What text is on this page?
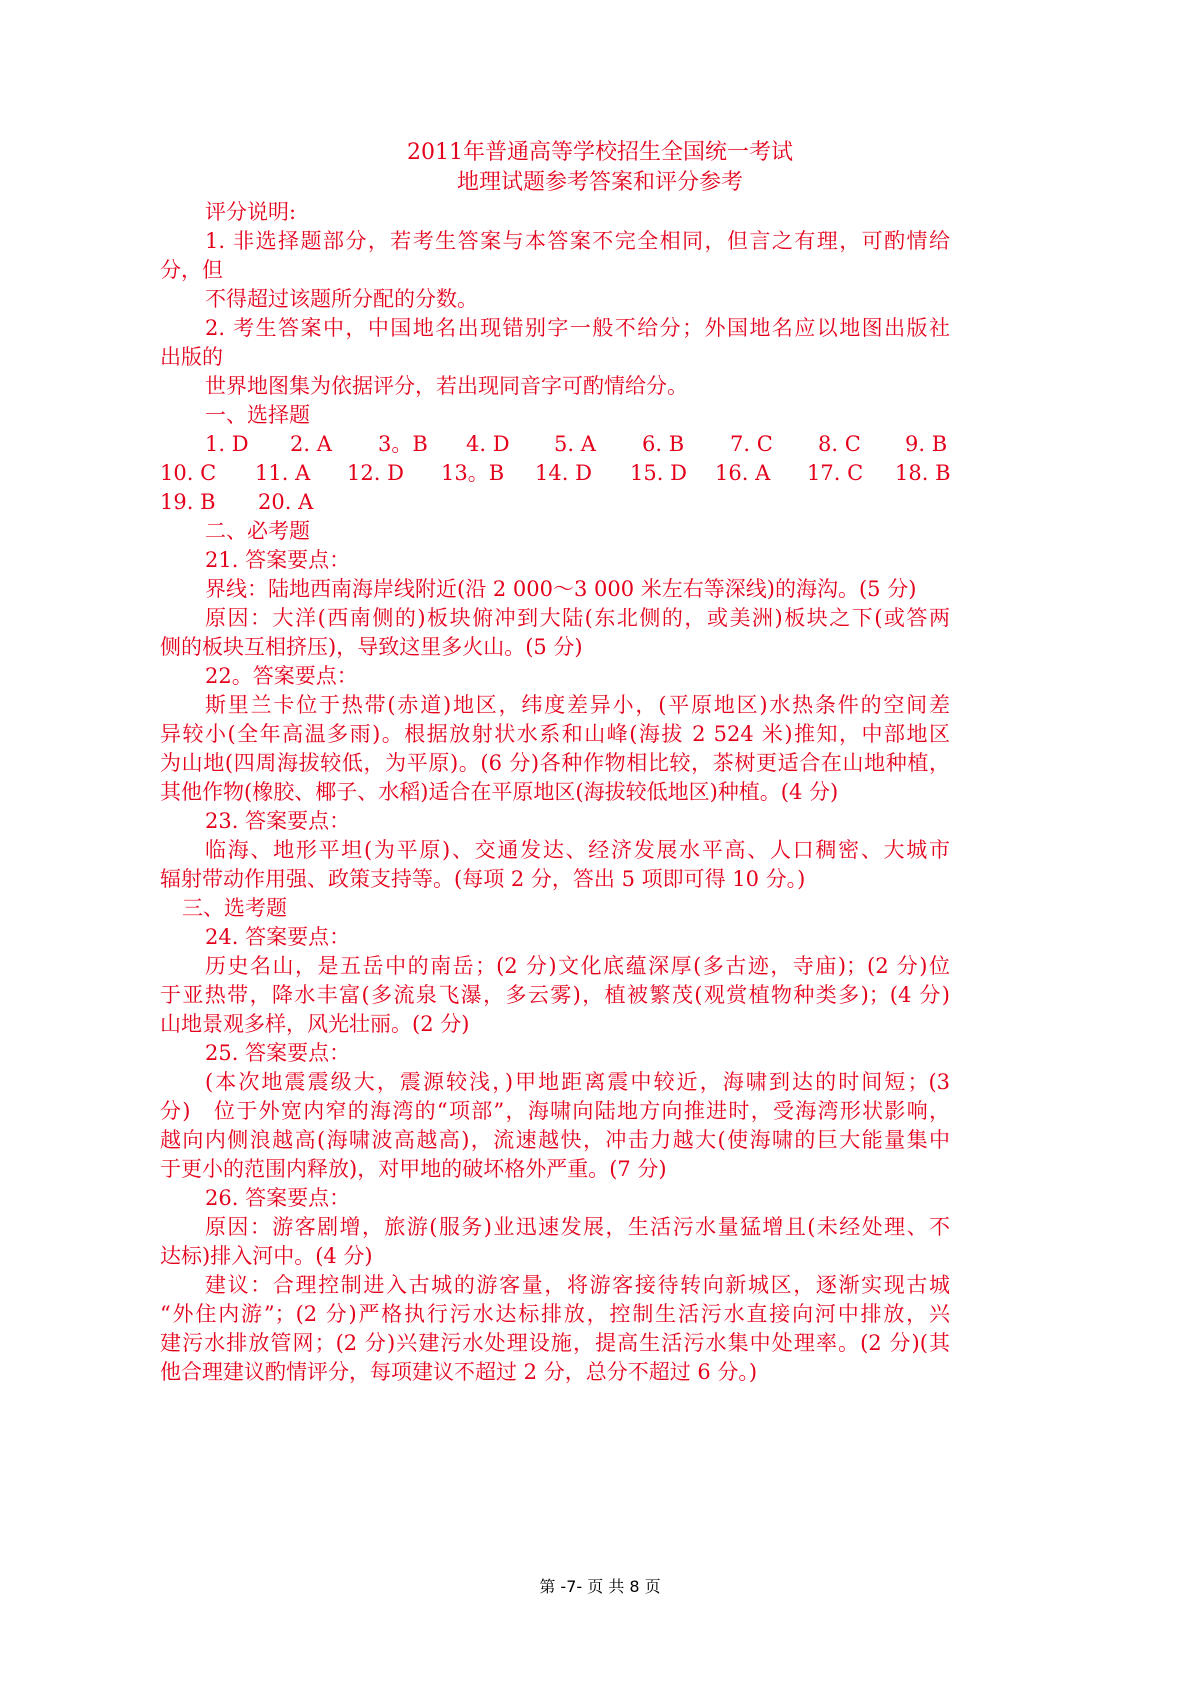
2011年普通高等学校招生全国统一考试
地理试题参考答案和评分参考
评分说明:
1. 非选择题部分，若考生答案与本答案不完全相同，但言之有理，可酌情给
分，但
不得超过该题所分配的分数。
2. 考生答案中，中国地名出现错别字一般不给分；外国地名应以地图出版社
出版的
世界地图集为依据评分，若出现同音字可酌情给分。
一、选择题
1. D 2. A 3。B 4. D 5. A 6. B 7. C 8. C 9. B
10. C 11. A 12. D 13。B 14. D 15. D 16. A 17. C 18. B
19. B 20. A
二、必考题
21. 答案要点：
界线：陆地西南海岸线附近(沿 2 000～3 000 米左右等深线)的海沟。(5 分)
原因：大洋(西南侧的)板块俯冲到大陆(东北侧的，或美洲)板块之下(或答两
侧的板块互相挤压)，导致这里多火山。(5 分)
22。答案要点：
斯里兰卡位于热带(赤道)地区，纬度差异小，(平原地区)水热条件的空间差
异较小(全年高温多雨)。根据放射状水系和山峰(海拔 2 524 米)推知，中部地区
为山地(四周海拔较低，为平原)。(6 分)各种作物相比较，茶树更适合在山地种植，
其他作物(橡胶、椰子、水稻)适合在平原地区(海拔较低地区)种植。(4 分)
23. 答案要点：
临海、地形平坦(为平原)、交通发达、经济发展水平高、人口稠密、大城市
辐射带动作用强、政策支持等。(每项 2 分，答出 5 项即可得 10 分。)
三、选考题
24. 答案要点：
历史名山，是五岳中的南岳；(2 分)文化底蕴深厚(多古迹，寺庙)；(2 分)位
于亚热带，降水丰富(多流泉飞瀑，多云雾)，植被繁茂(观赏植物种类多)；(4 分)
山地景观多样，风光壮丽。(2 分)
25. 答案要点：
(本次地震震级大，震源较浅，)甲地距离震中较近，海啸到达的时间短；(3
分)　位于外宽内窄的海湾的“项部”，海啸向陆地方向推进时，受海湾形状影响，
越向内侧浪越高(海啸波高越高)，流速越快，冲击力越大(使海啸的巨大能量集中
于更小的范围内释放)，对甲地的破坏格外严重。(7 分)
26. 答案要点：
原因：游客剧增，旅游(服务)业迅速发展，生活污水量猛增且(未经处理、不
达标)排入河中。(4 分)
建议：合理控制进入古城的游客量，将游客接待转向新城区，逐渐实现古城
“外住内游”；(2 分)严格执行污水达标排放，控制生活污水直接向河中排放，兴
建污水排放管网；(2 分)兴建污水处理设施，提高生活污水集中处理率。(2 分)(其
他合理建议酌情评分，每项建议不超过 2 分，总分不超过 6 分。)
第 -7- 页 共 8 页
